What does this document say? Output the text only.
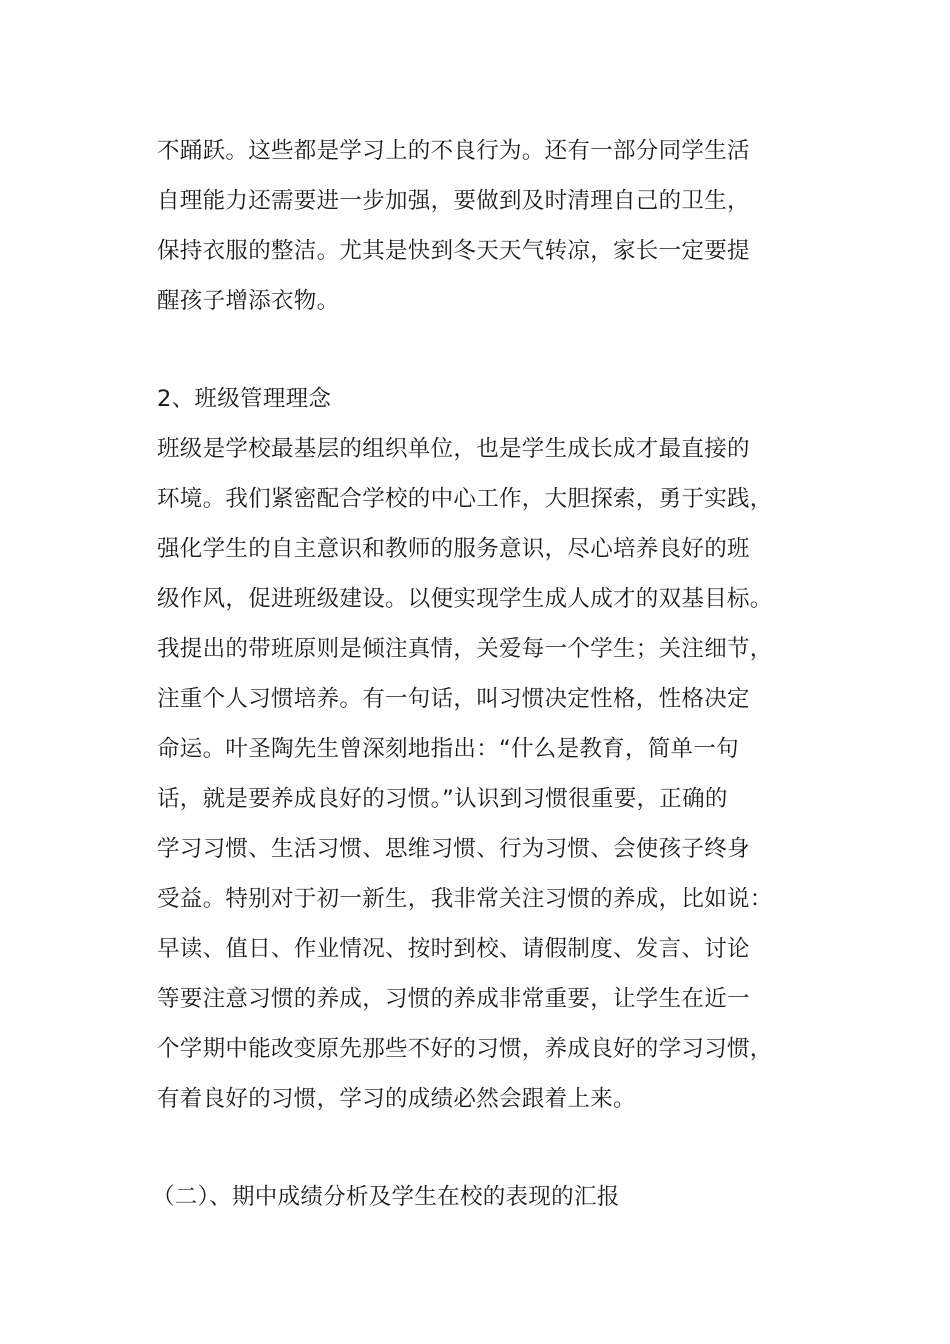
不踊跃。这些都是学习上的不良行为。还有一部分同学生活
自理能力还需要进一步加强，要做到及时清理自己的卫生，
保持衣服的整洁。尤其是快到冬天天气转凉，家长一定要提
醒孩子增添衣物。
2、班级管理理念
班级是学校最基层的组织单位，也是学生成长成才最直接的
环境。我们紧密配合学校的中心工作，大胆探索，勇于实践，
强化学生的自主意识和教师的服务意识，尽心培养良好的班
级作风，促进班级建设。以便实现学生成人成才的双基目标。
我提出的带班原则是倾注真情，关爱每一个学生；关注细节，
注重个人习惯培养。有一句话，叫习惯决定性格，性格决定
命运。叶圣陶先生曾深刻地指出：“什么是教育，简单一句
话，就是要养成良好的习惯。”认识到习惯很重要，正确的
学习习惯、生活习惯、思维习惯、行为习惯、会使孩子终身
受益。特别对于初一新生，我非常关注习惯的养成，比如说：
早读、值日、作业情况、按时到校、请假制度、发言、讨论
等要注意习惯的养成，习惯的养成非常重要，让学生在近一
个学期中能改变原先那些不好的习惯，养成良好的学习习惯，
有着良好的习惯，学习的成绩必然会跟着上来。
（二）、期中成绩分析及学生在校的表现的汇报
